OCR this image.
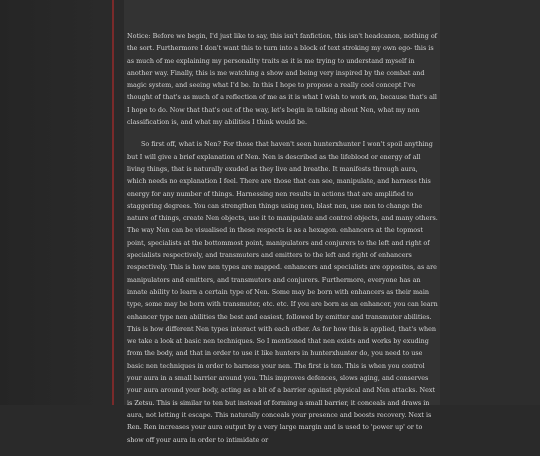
Notice: Before we begin, I'd just like to say, this isn't fanfiction, this isn't headcanon, nothing of the sort. Furthermore I don't want this to turn into a block of text stroking my own ego- this is as much of me explaining my personality traits as it is me trying to understand myself in another way. Finally, this is me watching a show and being very inspired by the combat and magic system, and seeing what I'd be. In this I hope to propose a really cool concept I've thought of that's as much of a reflection of me as it is what I wish to work on, because that's all I hope to do. Now that that's out of the way, let's begin in talking about Nen, what my nen classification is, and what my abilities I think would be.

So first off, what is Nen? For those that haven't seen hunterxhunter I won't spoil anything but I will give a brief explanation of Nen. Nen is described as the lifeblood or energy of all living things, that is naturally exuded as they live and breathe. It manifests through aura, which needs no explanation I feel. There are those that can see, manipulate, and harness this energy for any number of things. Harnessing nen results in actions that are amplified to staggering degrees. You can strengthen things using nen, blast nen, use nen to change the nature of things, create Nen objects, use it to manipulate and control objects, and many others. The way Nen can be visualised in these respects is as a hexagon. enhancers at the topmost point, specialists at the bottommost point, manipulators and conjurers to the left and right of specialists respectively, and transmuters and emitters to the left and right of enhancers respectively. This is how nen types are mapped. enhancers and specialists are opposites, as are manipulators and emitters, and transmuters and conjurers. Furthermore, everyone has an innate ability to learn a certain type of Nen. Some may be born with enhancers as their main type, some may be born with transmuter, etc. etc. If you are born as an enhancer, you can learn enhancer type nen abilities the best and easiest, followed by emitter and transmuter abilities. This is how different Nen types interact with each other. As for how this is applied, that's when we take a look at basic nen techniques. So I mentioned that nen exists and works by exuding from the body, and that in order to use it like hunters in hunterxhunter do, you need to use basic nen techniques in order to harness your nen. The first is ten. This is when you control your aura in a small barrier around you. This improves defences, slows aging, and conserves your aura around your body, acting as a bit of a barrier against physical and Nen attacks. Next is Zetsu. This is similar to ten but instead of forming a small barrier, it conceals and draws in aura, not letting it escape. This naturally conceals your presence and boosts recovery. Next is Ren. Ren increases your aura output by a very large margin and is used to 'power up' or to show off your aura in order to intimidate or
